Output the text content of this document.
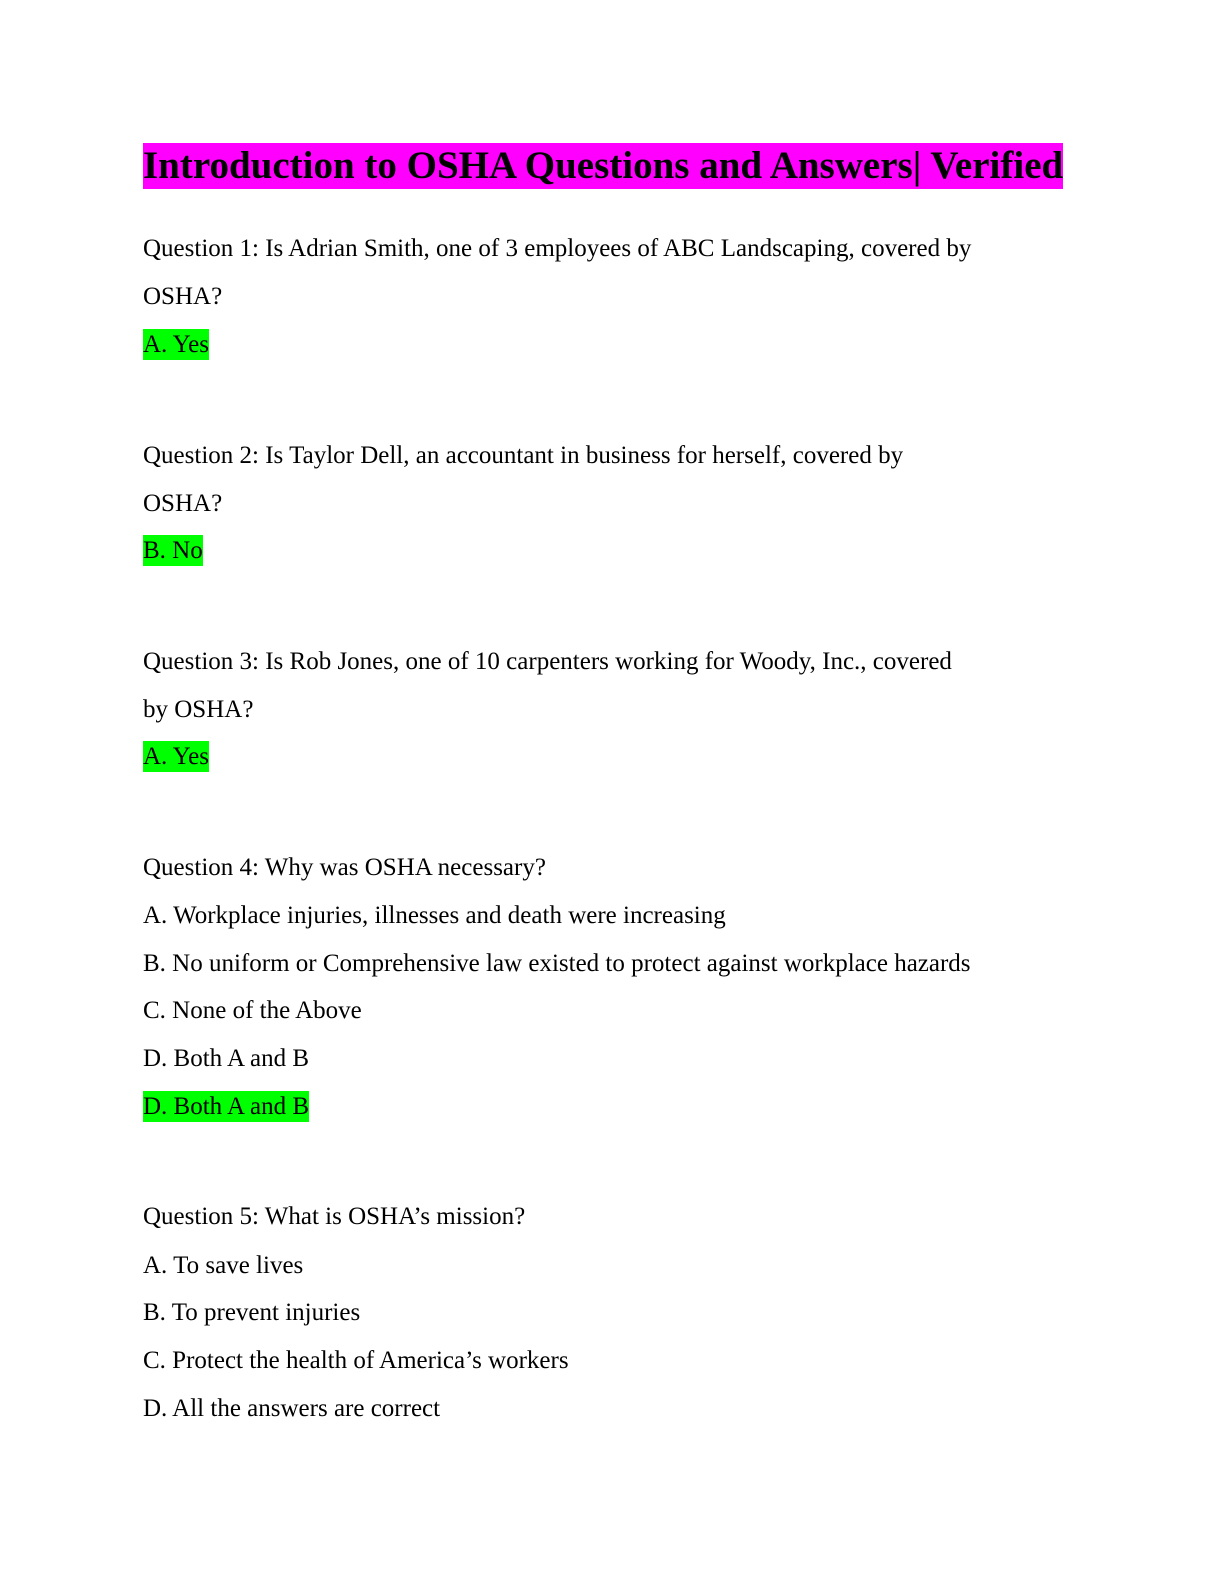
Introduction to OSHA Questions and Answers| Verified

Question 1: Is Adrian Smith, one of 3 employees of ABC Landscaping, covered by

OSHA?

A. Yes

Question 2: Is Taylor Dell, an accountant in business for herself, covered by

OSHA?

B. No

Question 3: Is Rob Jones, one of 10 carpenters working for Woody, Inc., covered

by OSHA?

A. Yes

Question 4: Why was OSHA necessary?

A. Workplace injuries, illnesses and death were increasing

B. No uniform or Comprehensive law existed to protect against workplace hazards

C. None of the Above

D. Both A and B

D. Both A and B

Question 5: What is OSHA’s mission?

A. To save lives

B. To prevent injuries

C. Protect the health of America’s workers

D. All the answers are correct
